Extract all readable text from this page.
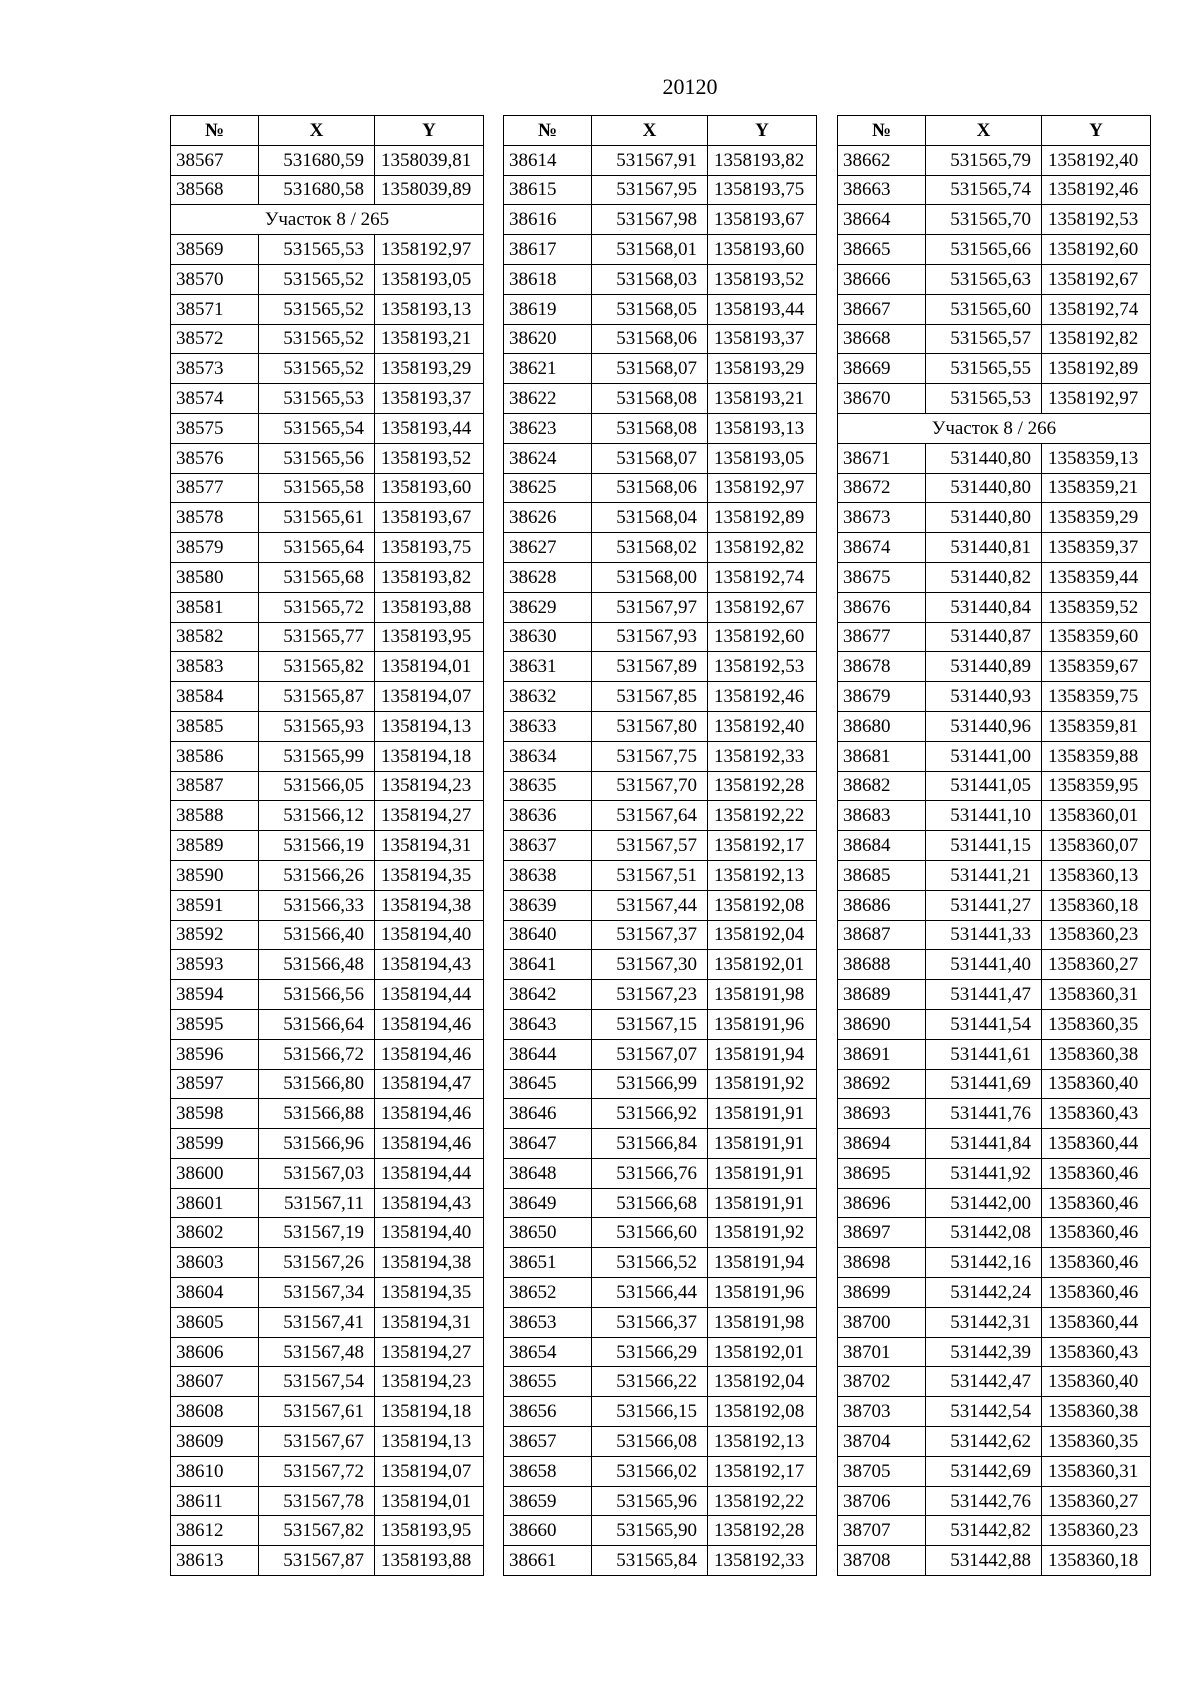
20120
№	X	Y
38567	531680,59	1358039,81
38568	531680,58	1358039,89
Участок 8 / 265		
38569	531565,53	1358192,97
38570	531565,52	1358193,05
38571	531565,52	1358193,13
38572	531565,52	1358193,21
38573	531565,52	1358193,29
38574	531565,53	1358193,37
38575	531565,54	1358193,44
38576	531565,56	1358193,52
38577	531565,58	1358193,60
38578	531565,61	1358193,67
38579	531565,64	1358193,75
38580	531565,68	1358193,82
38581	531565,72	1358193,88
38582	531565,77	1358193,95
38583	531565,82	1358194,01
38584	531565,87	1358194,07
38585	531565,93	1358194,13
38586	531565,99	1358194,18
38587	531566,05	1358194,23
38588	531566,12	1358194,27
38589	531566,19	1358194,31
38590	531566,26	1358194,35
38591	531566,33	1358194,38
38592	531566,40	1358194,40
38593	531566,48	1358194,43
38594	531566,56	1358194,44
38595	531566,64	1358194,46
38596	531566,72	1358194,46
38597	531566,80	1358194,47
38598	531566,88	1358194,46
38599	531566,96	1358194,46
38600	531567,03	1358194,44
38601	531567,11	1358194,43
38602	531567,19	1358194,40
38603	531567,26	1358194,38
38604	531567,34	1358194,35
38605	531567,41	1358194,31
38606	531567,48	1358194,27
38607	531567,54	1358194,23
38608	531567,61	1358194,18
38609	531567,67	1358194,13
38610	531567,72	1358194,07
38611	531567,78	1358194,01
38612	531567,82	1358193,95
38613	531567,87	1358193,88
№	X	Y
38614	531567,91	1358193,82
38615	531567,95	1358193,75
38616	531567,98	1358193,67
38617	531568,01	1358193,60
38618	531568,03	1358193,52
38619	531568,05	1358193,44
38620	531568,06	1358193,37
38621	531568,07	1358193,29
38622	531568,08	1358193,21
38623	531568,08	1358193,13
38624	531568,07	1358193,05
38625	531568,06	1358192,97
38626	531568,04	1358192,89
38627	531568,02	1358192,82
38628	531568,00	1358192,74
38629	531567,97	1358192,67
38630	531567,93	1358192,60
38631	531567,89	1358192,53
38632	531567,85	1358192,46
38633	531567,80	1358192,40
38634	531567,75	1358192,33
38635	531567,70	1358192,28
38636	531567,64	1358192,22
38637	531567,57	1358192,17
38638	531567,51	1358192,13
38639	531567,44	1358192,08
38640	531567,37	1358192,04
38641	531567,30	1358192,01
38642	531567,23	1358191,98
38643	531567,15	1358191,96
38644	531567,07	1358191,94
38645	531566,99	1358191,92
38646	531566,92	1358191,91
38647	531566,84	1358191,91
38648	531566,76	1358191,91
38649	531566,68	1358191,91
38650	531566,60	1358191,92
38651	531566,52	1358191,94
38652	531566,44	1358191,96
38653	531566,37	1358191,98
38654	531566,29	1358192,01
38655	531566,22	1358192,04
38656	531566,15	1358192,08
38657	531566,08	1358192,13
38658	531566,02	1358192,17
38659	531565,96	1358192,22
38660	531565,90	1358192,28
38661	531565,84	1358192,33
№	X	Y
38662	531565,79	1358192,40
38663	531565,74	1358192,46
38664	531565,70	1358192,53
38665	531565,66	1358192,60
38666	531565,63	1358192,67
38667	531565,60	1358192,74
38668	531565,57	1358192,82
38669	531565,55	1358192,89
38670	531565,53	1358192,97
Участок 8 / 266		
38671	531440,80	1358359,13
38672	531440,80	1358359,21
38673	531440,80	1358359,29
38674	531440,81	1358359,37
38675	531440,82	1358359,44
38676	531440,84	1358359,52
38677	531440,87	1358359,60
38678	531440,89	1358359,67
38679	531440,93	1358359,75
38680	531440,96	1358359,81
38681	531441,00	1358359,88
38682	531441,05	1358359,95
38683	531441,10	1358360,01
38684	531441,15	1358360,07
38685	531441,21	1358360,13
38686	531441,27	1358360,18
38687	531441,33	1358360,23
38688	531441,40	1358360,27
38689	531441,47	1358360,31
38690	531441,54	1358360,35
38691	531441,61	1358360,38
38692	531441,69	1358360,40
38693	531441,76	1358360,43
38694	531441,84	1358360,44
38695	531441,92	1358360,46
38696	531442,00	1358360,46
38697	531442,08	1358360,46
38698	531442,16	1358360,46
38699	531442,24	1358360,46
38700	531442,31	1358360,44
38701	531442,39	1358360,43
38702	531442,47	1358360,40
38703	531442,54	1358360,38
38704	531442,62	1358360,35
38705	531442,69	1358360,31
38706	531442,76	1358360,27
38707	531442,82	1358360,23
38708	531442,88	1358360,18
